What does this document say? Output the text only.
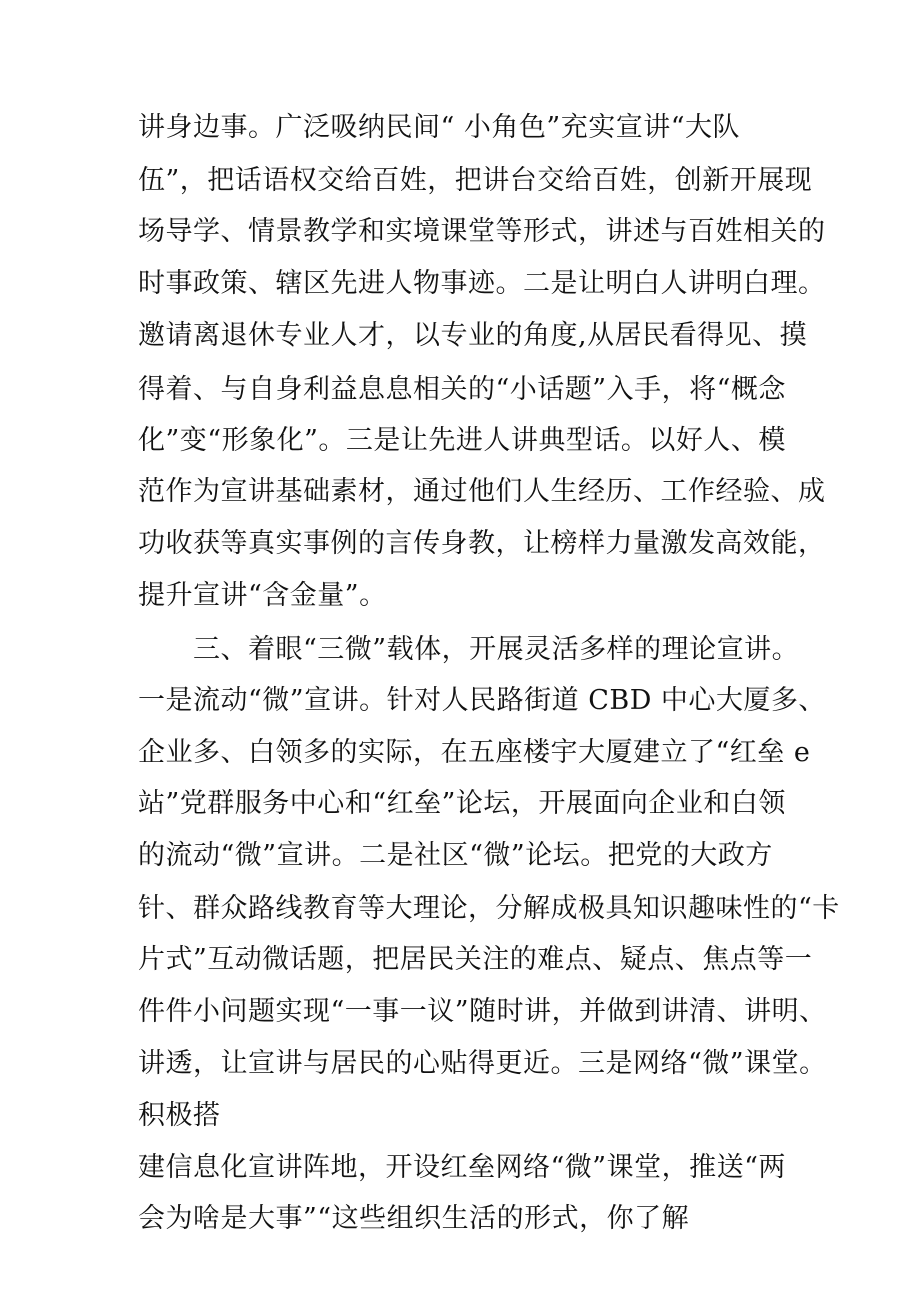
讲身边事。广泛吸纳民间“ 小角色”充实宣讲“大队
伍”，把话语权交给百姓，把讲台交给百姓，创新开展现
场导学、情景教学和实境课堂等形式，讲述与百姓相关的
时事政策、辖区先进人物事迹。二是让明白人讲明白理。
邀请离退休专业人才，以专业的角度,从居民看得见、摸
得着、与自身利益息息相关的“小话题”入手，将“概念
化”变“形象化”。三是让先进人讲典型话。以好人、模
范作为宣讲基础素材，通过他们人生经历、工作经验、成
功收获等真实事例的言传身教，让榜样力量激发高效能，
提升宣讲“含金量”。
　　三、着眼“三微”载体，开展灵活多样的理论宣讲。
一是流动“微”宣讲。针对人民路街道 CBD 中心大厦多、
企业多、白领多的实际，在五座楼宇大厦建立了“红垒 e
站”党群服务中心和“红垒”论坛，开展面向企业和白领
的流动“微”宣讲。二是社区“微”论坛。把党的大政方
针、群众路线教育等大理论，分解成极具知识趣味性的“卡
片式”互动微话题，把居民关注的难点、疑点、焦点等一
件件小问题实现“一事一议”随时讲，并做到讲清、讲明、
讲透，让宣讲与居民的心贴得更近。三是网络“微”课堂。
积极搭
建信息化宣讲阵地，开设红垒网络“微”课堂，推送“两
会为啥是大事”“这些组织生活的形式，你了解
